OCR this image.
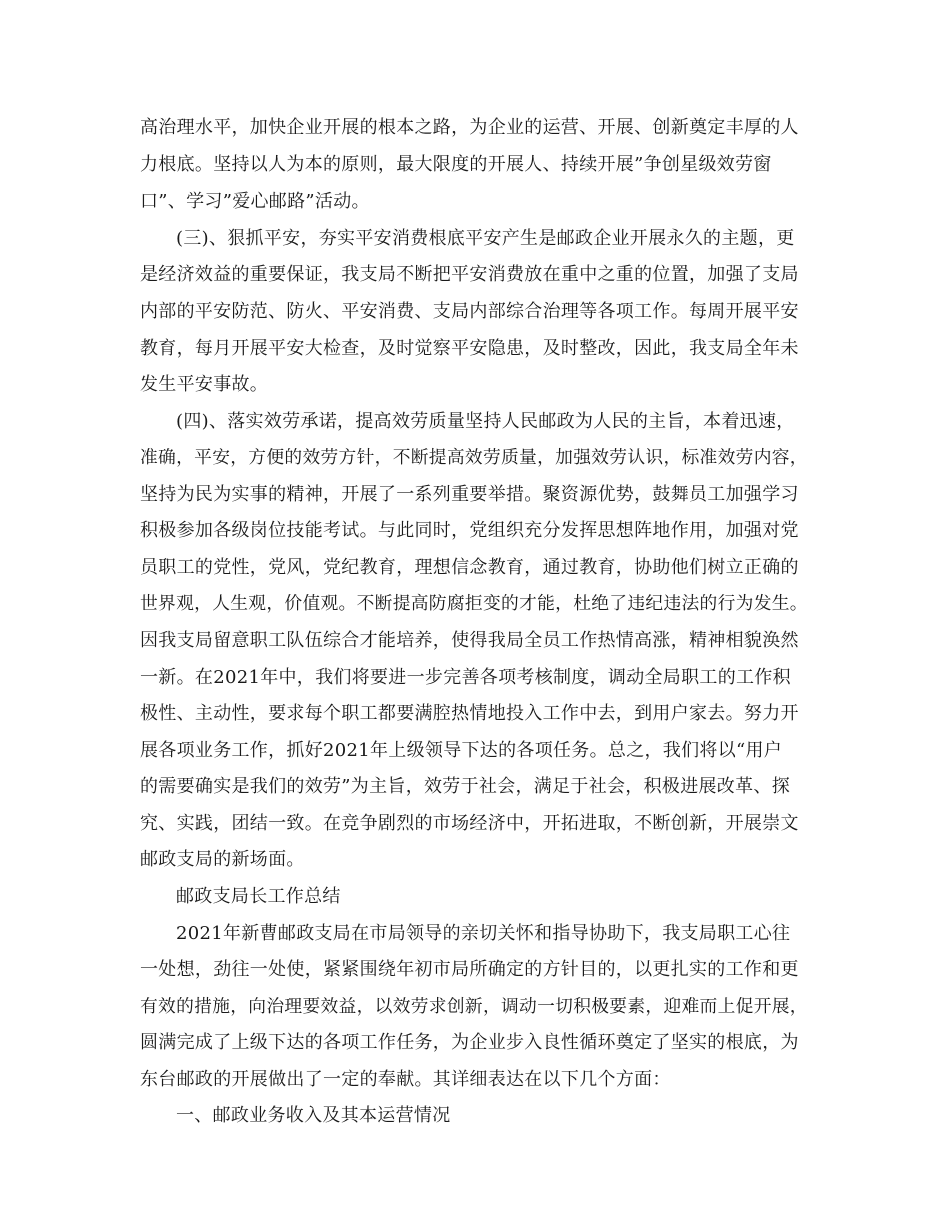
高治理水平，加快企业开展的根本之路，为企业的运营、开展、创新奠定丰厚的人
力根底。坚持以人为本的原则，最大限度的开展人、持续开展”争创星级效劳窗
口”、学习”爱心邮路”活动。
(三)、狠抓平安，夯实平安消费根底平安产生是邮政企业开展永久的主题，更
是经济效益的重要保证，我支局不断把平安消费放在重中之重的位置，加强了支局
内部的平安防范、防火、平安消费、支局内部综合治理等各项工作。每周开展平安
教育，每月开展平安大检查，及时觉察平安隐患，及时整改，因此，我支局全年未
发生平安事故。
(四)、落实效劳承诺，提高效劳质量坚持人民邮政为人民的主旨，本着迅速，
准确，平安，方便的效劳方针，不断提高效劳质量，加强效劳认识，标准效劳内容，
坚持为民为实事的精神，开展了一系列重要举措。聚资源优势，鼓舞员工加强学习
积极参加各级岗位技能考试。与此同时，党组织充分发挥思想阵地作用，加强对党
员职工的党性，党风，党纪教育，理想信念教育，通过教育，协助他们树立正确的
世界观，人生观，价值观。不断提高防腐拒变的才能，杜绝了违纪违法的行为发生。
因我支局留意职工队伍综合才能培养，使得我局全员工作热情高涨，精神相貌涣然
一新。在2021年中，我们将要进一步完善各项考核制度，调动全局职工的工作积
极性、主动性，要求每个职工都要满腔热情地投入工作中去，到用户家去。努力开
展各项业务工作，抓好2021年上级领导下达的各项任务。总之，我们将以“用户
的需要确实是我们的效劳”为主旨，效劳于社会，满足于社会，积极进展改革、探
究、实践，团结一致。在竞争剧烈的市场经济中，开拓进取，不断创新，开展崇文
邮政支局的新场面。
邮政支局长工作总结
2021年新曹邮政支局在市局领导的亲切关怀和指导协助下，我支局职工心往
一处想，劲往一处使，紧紧围绕年初市局所确定的方针目的，以更扎实的工作和更
有效的措施，向治理要效益，以效劳求创新，调动一切积极要素，迎难而上促开展，
圆满完成了上级下达的各项工作任务，为企业步入良性循环奠定了坚实的根底，为
东台邮政的开展做出了一定的奉献。其详细表达在以下几个方面：
一、邮政业务收入及其本运营情况
